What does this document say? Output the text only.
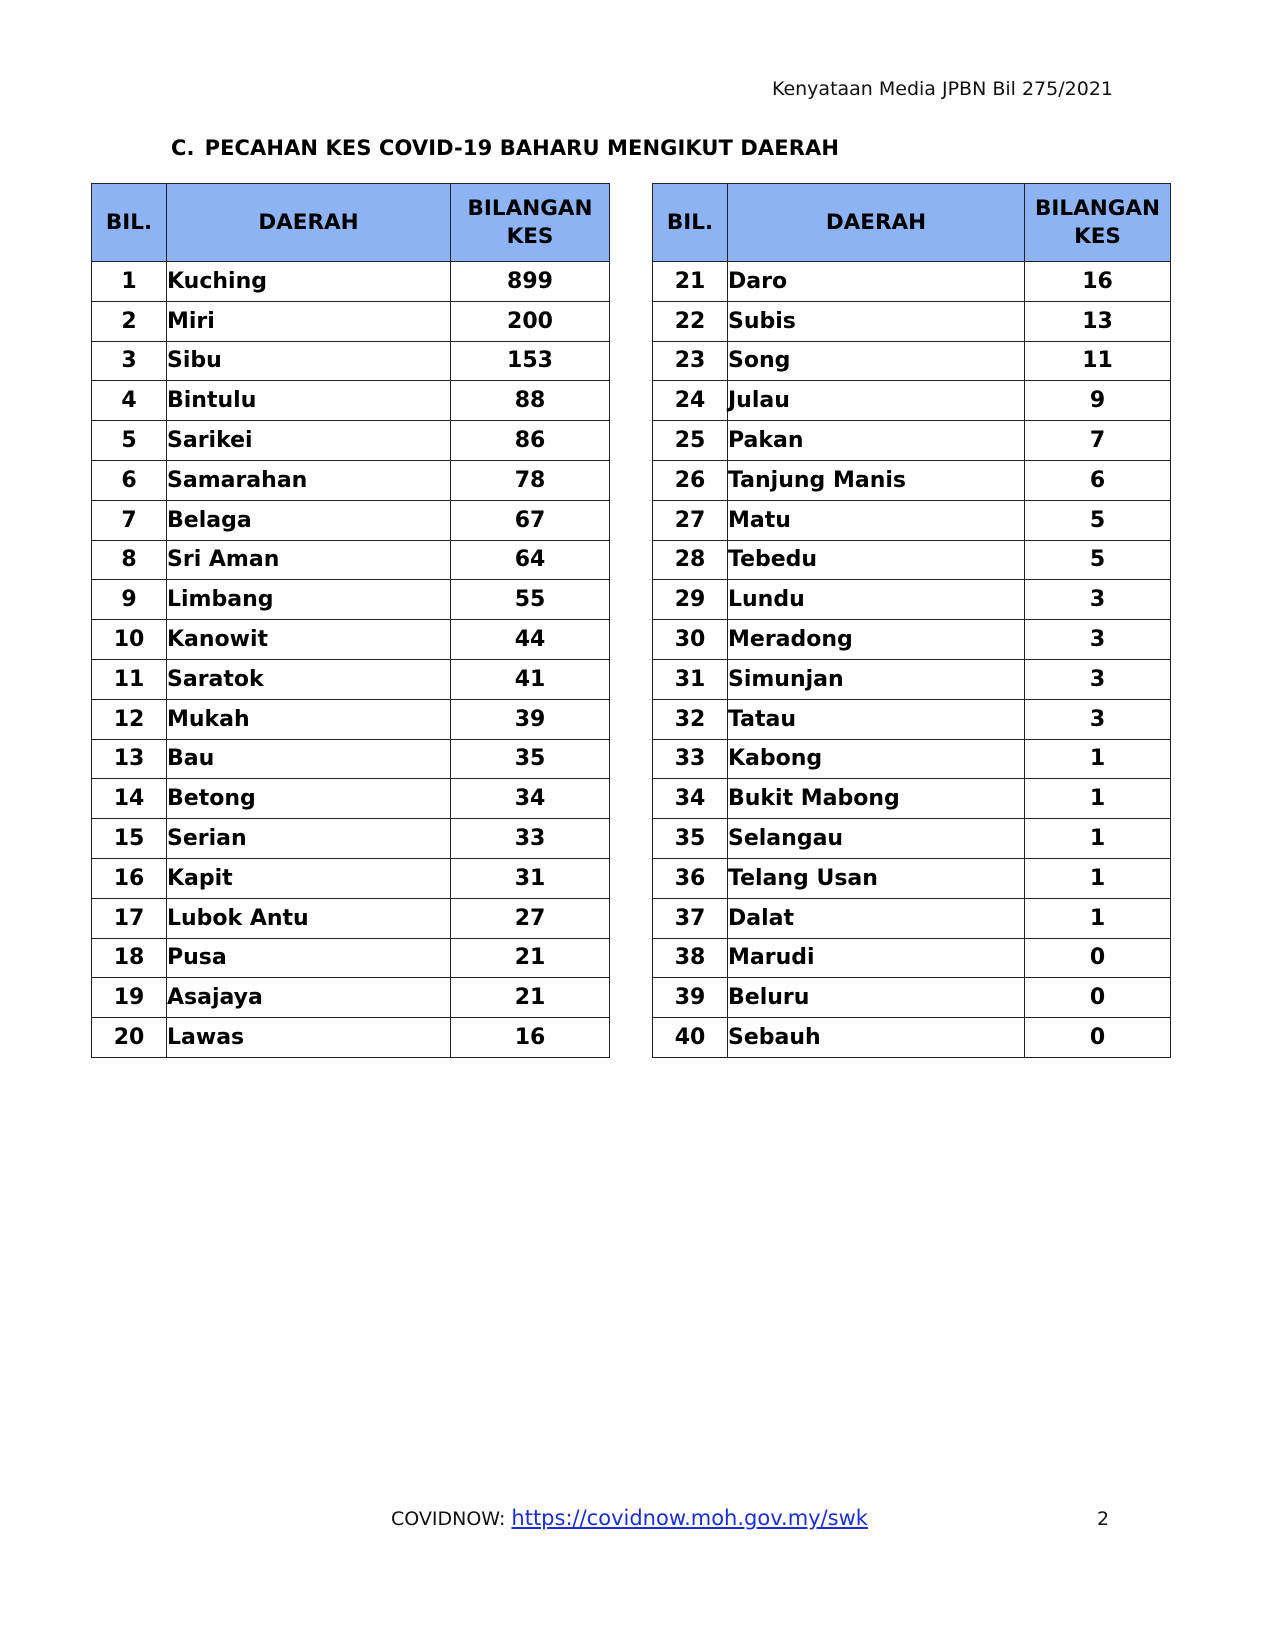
Kenyataan Media JPBN Bil 275/2021
C. PECAHAN KES COVID-19 BAHARU MENGIKUT DAERAH
BIL.	DAERAH	BILANGAN
KES
1	Kuching	899
2	Miri	200
3	Sibu	153
4	Bintulu	88
5	Sarikei	86
6	Samarahan	78
7	Belaga	67
8	Sri Aman	64
9	Limbang	55
10	Kanowit	44
11	Saratok	41
12	Mukah	39
13	Bau	35
14	Betong	34
15	Serian	33
16	Kapit	31
17	Lubok Antu	27
18	Pusa	21
19	Asajaya	21
20	Lawas	16
BIL.	DAERAH	BILANGAN
KES
21	Daro	16
22	Subis	13
23	Song	11
24	Julau	9
25	Pakan	7
26	Tanjung Manis	6
27	Matu	5
28	Tebedu	5
29	Lundu	3
30	Meradong	3
31	Simunjan	3
32	Tatau	3
33	Kabong	1
34	Bukit Mabong	1
35	Selangau	1
36	Telang Usan	1
37	Dalat	1
38	Marudi	0
39	Beluru	0
40	Sebauh	0
COVIDNOW: https://covidnow.moh.gov.my/swk	2
